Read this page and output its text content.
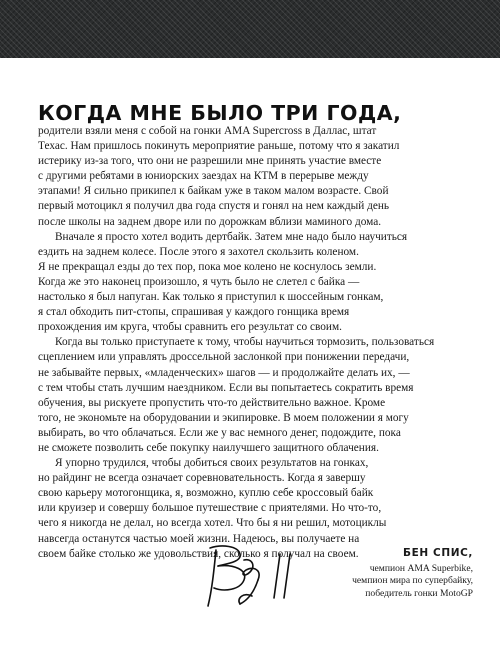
КОГДА МНЕ БЫЛО ТРИ ГОДА,
родители взяли меня с собой на гонки AMA Supercross в Даллас, штат
Техас. Нам пришлось покинуть мероприятие раньше, потому что я закатил
истерику из-за того, что они не разрешили мне принять участие вместе
с другими ребятами в юниорских заездах на КТМ в перерыве между
этапами! Я сильно прикипел к байкам уже в таком малом возрасте. Свой
первый мотоцикл я получил два года спустя и гонял на нем каждый день
после школы на заднем дворе или по дорожкам вблизи маминого дома.
Вначале я просто хотел водить дертбайк. Затем мне надо было научиться
ездить на заднем колесе. После этого я захотел скользить коленом.
Я не прекращал езды до тех пор, пока мое колено не коснулось земли.
Когда же это наконец произошло, я чуть было не слетел с байка —
настолько я был напуган. Как только я приступил к шоссейным гонкам,
я стал обходить пит-стопы, спрашивая у каждого гонщика время
прохождения им круга, чтобы сравнить его результат со своим.
Когда вы только приступаете к тому, чтобы научиться тормозить, пользоваться
сцеплением или управлять дроссельной заслонкой при понижении передачи,
не забывайте первых, «младенческих» шагов — и продолжайте делать их, —
с тем чтобы стать лучшим наездником. Если вы попытаетесь сократить время
обучения, вы рискуете пропустить что-то действительно важное. Кроме
того, не экономьте на оборудовании и экипировке. В моем положении я могу
выбирать, во что облачаться. Если же у вас немного денег, подождите, пока
не сможете позволить себе покупку наилучшего защитного облачения.
Я упорно трудился, чтобы добиться своих результатов на гонках,
но райдинг не всегда означает соревновательность. Когда я завершу
свою карьеру мотогонщика, я, возможно, куплю себе кроссовый байк
или круизер и совершу большое путешествие с приятелями. Но что-то,
чего я никогда не делал, но всегда хотел. Что бы я ни решил, мотоциклы
навсегда останутся частью моей жизни. Надеюсь, вы получаете на
своем байке столько же удовольствия, сколько я получал на своем.	БЕН СПИС,
чемпион AMA Superbike,
чемпион мира по супербайку,
победитель гонки MotoGP
